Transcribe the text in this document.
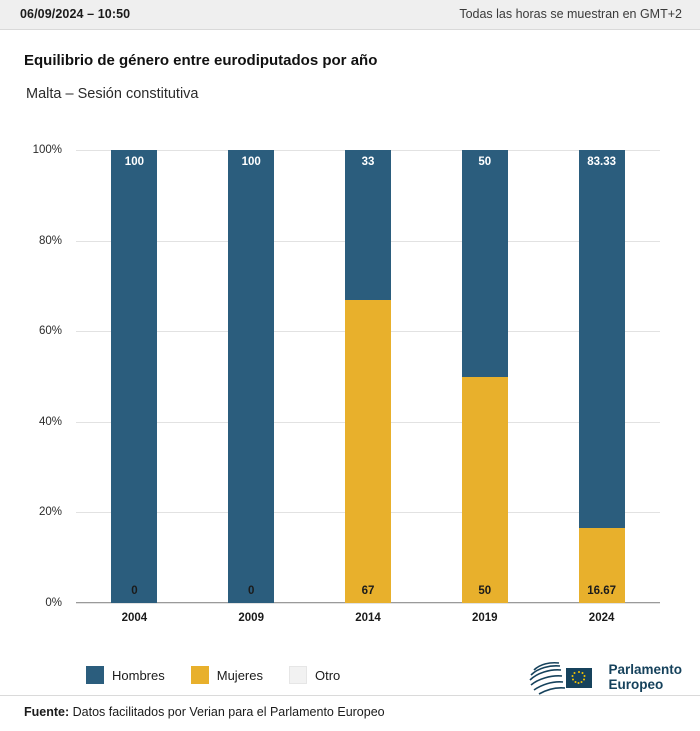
06/09/2024 – 10:50	Todas las horas se muestran en GMT+2
Equilibrio de género entre eurodiputados por año
Malta – Sesión constitutiva
0%
20%
40%
60%
80%
100%
100
0
100
0
33
67
50
50
83.33
16.67
2004	2009	2014	2019	2024
Hombres	Mujeres	Otro	Parlamento
Europeo
Fuente: Datos facilitados por Verian para el Parlamento Europeo
